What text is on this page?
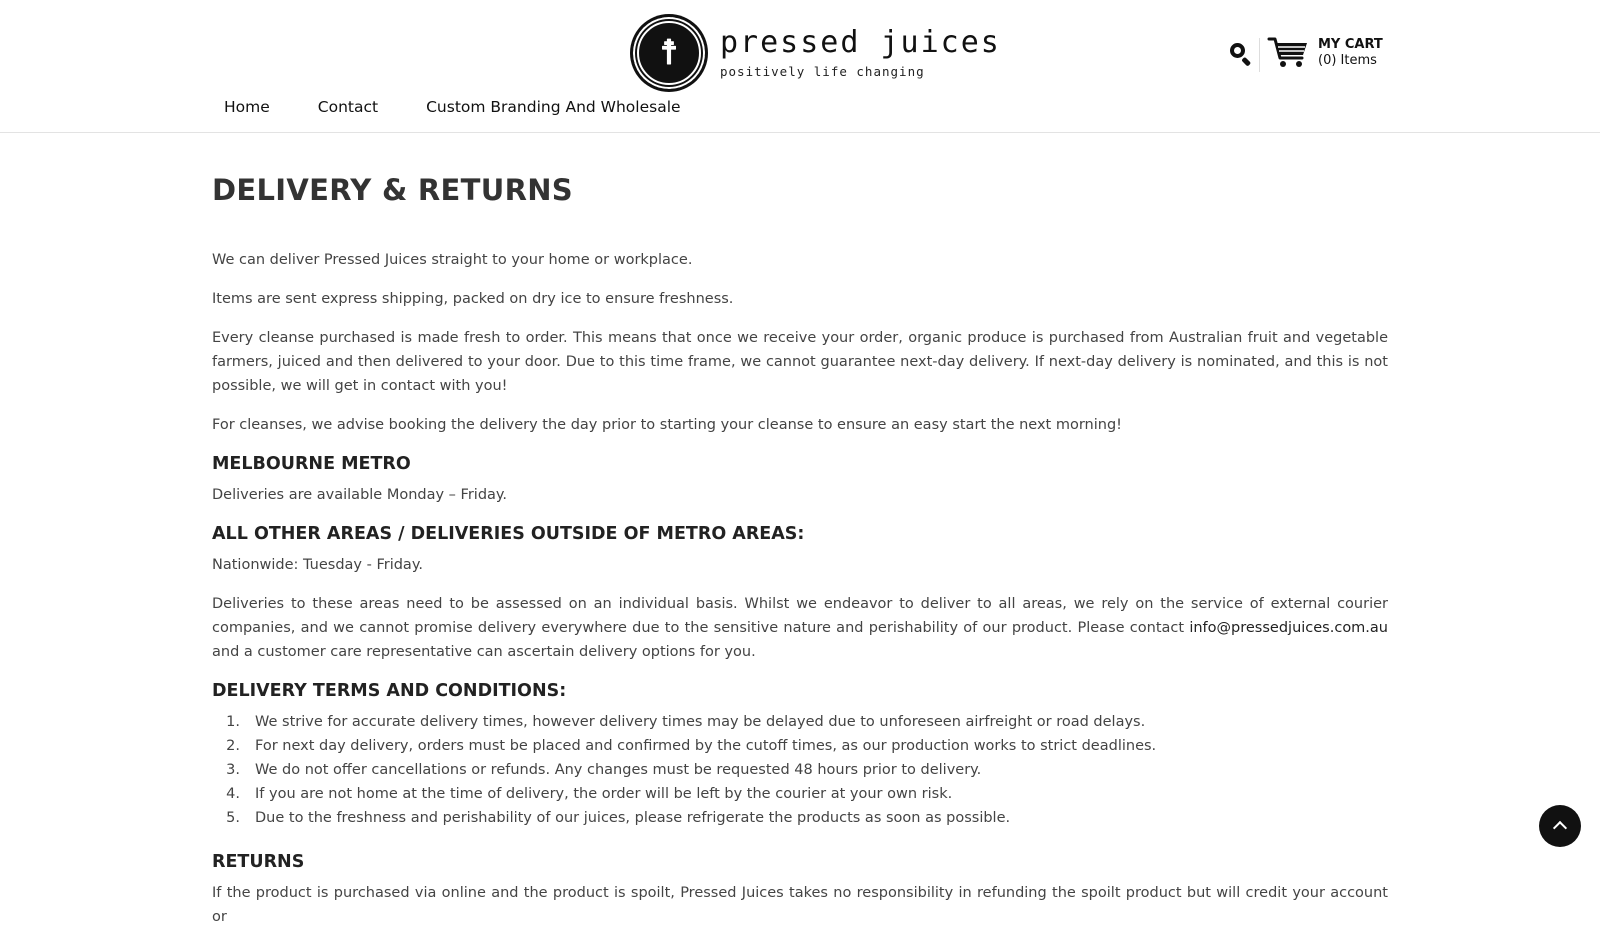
☨ pressed juices
positively life changing
MY CART
(0) Items
Home	Contact	Custom Branding And Wholesale
DELIVERY & RETURNS

We can deliver Pressed Juices straight to your home or workplace.

Items are sent express shipping, packed on dry ice to ensure freshness.

Every cleanse purchased is made fresh to order. This means that once we receive your order, organic produce is purchased from Australian fruit and vegetable farmers, juiced and then delivered to your door. Due to this time frame, we cannot guarantee next-day delivery. If next-day delivery is nominated, and this is not possible, we will get in contact with you!

For cleanses, we advise booking the delivery the day prior to starting your cleanse to ensure an easy start the next morning!

MELBOURNE METRO

Deliveries are available Monday – Friday.

ALL OTHER AREAS / DELIVERIES OUTSIDE OF METRO AREAS:

Nationwide: Tuesday - Friday.

Deliveries to these areas need to be assessed on an individual basis. Whilst we endeavor to deliver to all areas, we rely on the service of external courier companies, and we cannot promise delivery everywhere due to the sensitive nature and perishability of our product. Please contact info@pressedjuices.com.au and a customer care representative can ascertain delivery options for you.

DELIVERY TERMS AND CONDITIONS:
1. We strive for accurate delivery times, however delivery times may be delayed due to unforeseen airfreight or road delays.
2. For next day delivery, orders must be placed and confirmed by the cutoff times, as our production works to strict deadlines.
3. We do not offer cancellations or refunds. Any changes must be requested 48 hours prior to delivery.
4. If you are not home at the time of delivery, the order will be left by the courier at your own risk.
5. Due to the freshness and perishability of our juices, please refrigerate the products as soon as possible.
RETURNS

If the product is purchased via online and the product is spoilt, Pressed Juices takes no responsibility in refunding the spoilt product but will credit your account or
